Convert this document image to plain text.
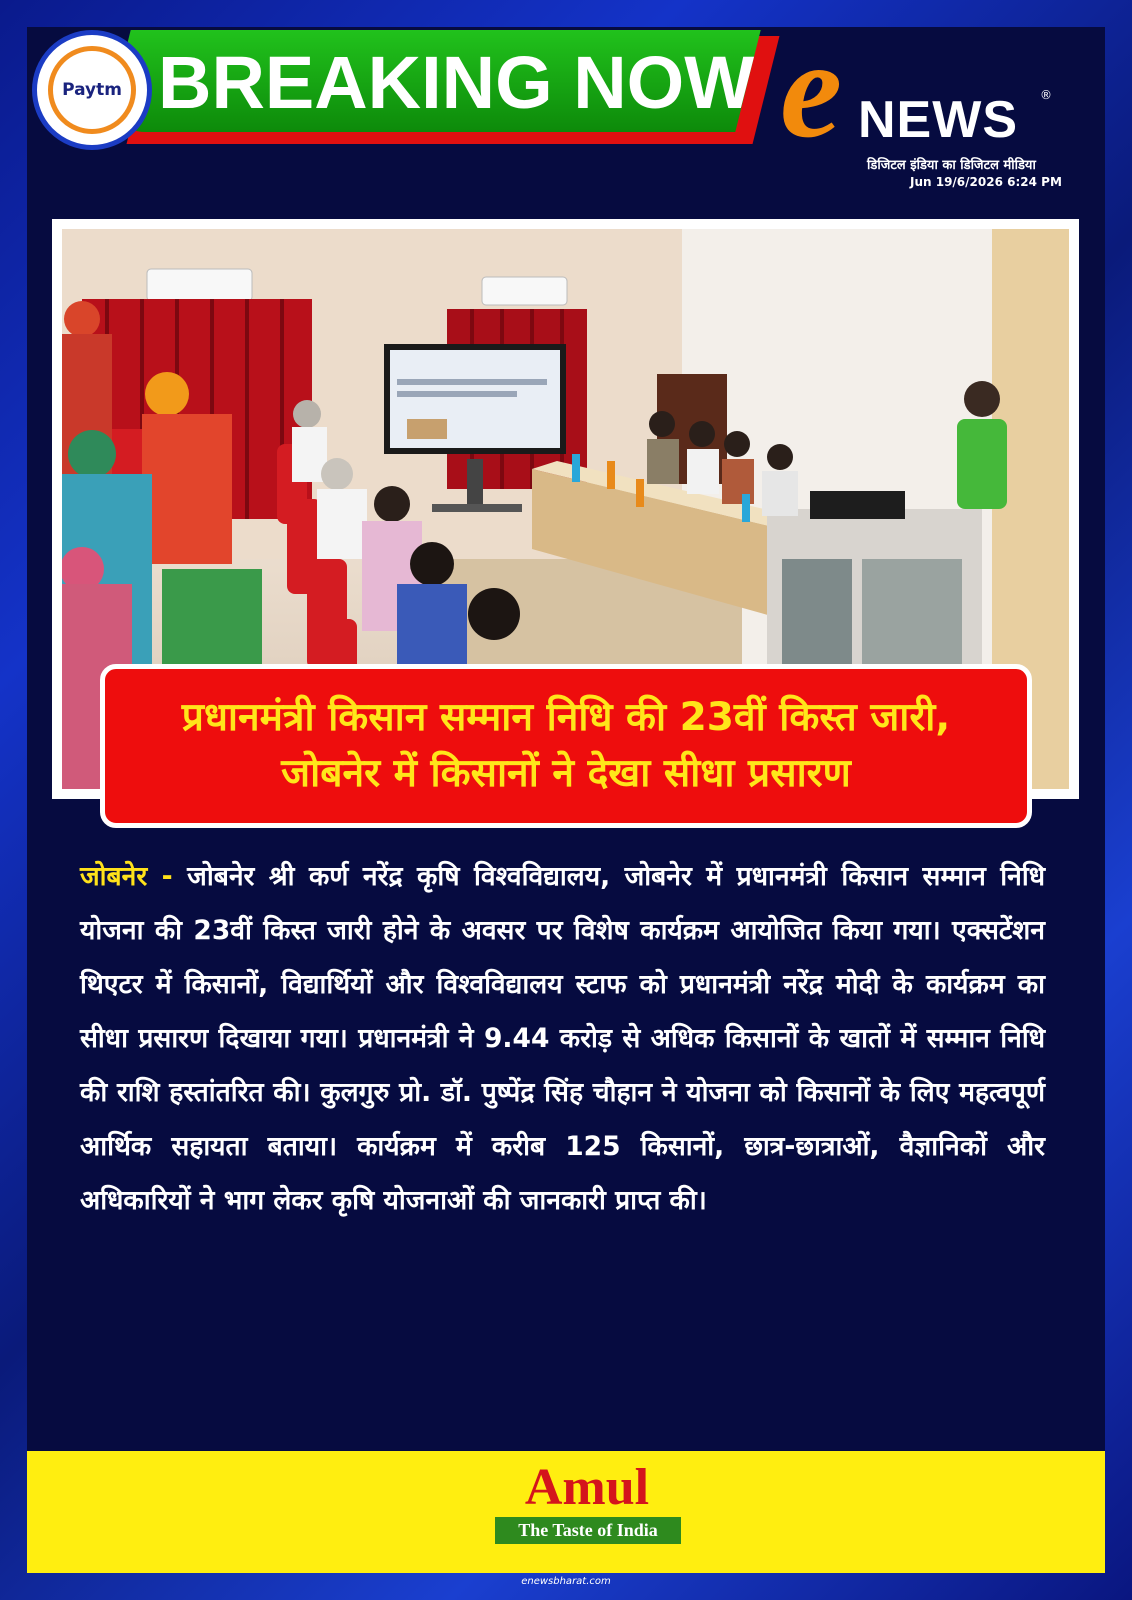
Paytm BREAKING NOW e NEWS ®
डिजिटल इंडिया का डिजिटल मीडिया
Jun 19/6/2026 6:24 PM
प्रधानमंत्री किसान सम्मान निधि की 23वीं किस्त जारी,
जोबनेर में किसानों ने देखा सीधा प्रसारण
जोबनेर - जोबनेर श्री कर्ण नरेंद्र कृषि विश्वविद्यालय, जोबनेर में प्रधानमंत्री किसान सम्मान निधि योजना की 23वीं किस्त जारी होने के अवसर पर विशेष कार्यक्रम आयोजित किया गया। एक्सटेंशन थिएटर में किसानों, विद्यार्थियों और विश्वविद्यालय स्टाफ को प्रधानमंत्री नरेंद्र मोदी के कार्यक्रम का सीधा प्रसारण दिखाया गया। प्रधानमंत्री ने 9.44 करोड़ से अधिक किसानों के खातों में सम्मान निधि की राशि हस्तांतरित की। कुलगुरु प्रो. डॉ. पुष्पेंद्र सिंह चौहान ने योजना को किसानों के लिए महत्वपूर्ण आर्थिक सहायता बताया। कार्यक्रम में करीब 125 किसानों, छात्र-छात्राओं, वैज्ञानिकों और अधिकारियों ने भाग लेकर कृषि योजनाओं की जानकारी प्राप्त की।
Amul
The Taste of India
enewsbharat.com
